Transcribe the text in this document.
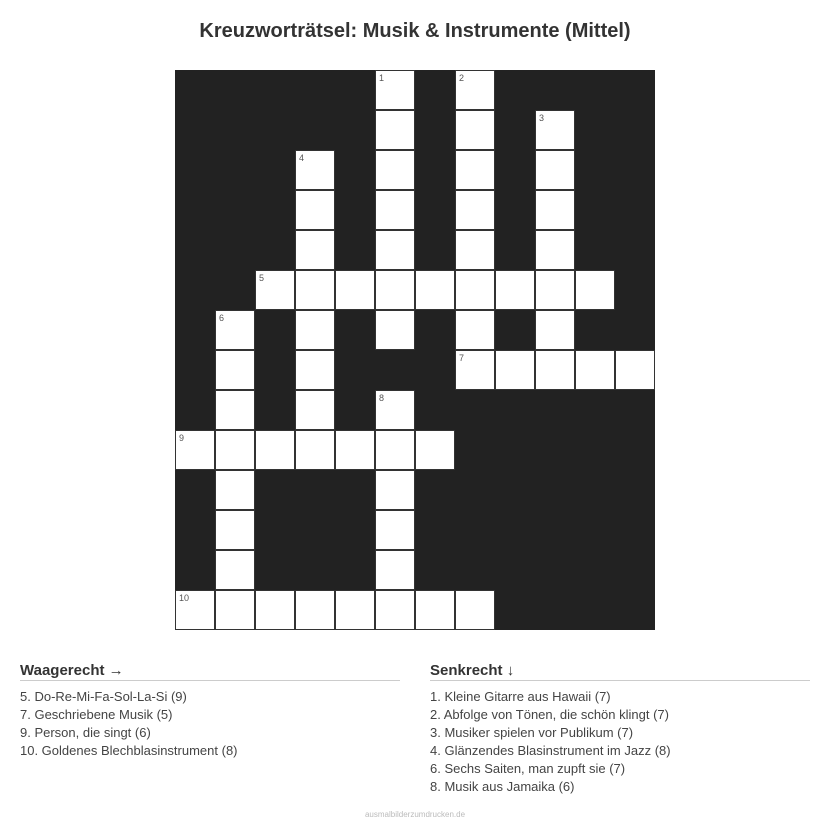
Kreuzworträtsel: Musik & Instrumente (Mittel)
1	2
3
4
5
6
7
8
9
10
Waagerecht →
5. Do-Re-Mi-Fa-Sol-La-Si (9)
7. Geschriebene Musik (5)
9. Person, die singt (6)
10. Goldenes Blechblasinstrument (8)
Senkrecht ↓
1. Kleine Gitarre aus Hawaii (7)
2. Abfolge von Tönen, die schön klingt (7)
3. Musiker spielen vor Publikum (7)
4. Glänzendes Blasinstrument im Jazz (8)
6. Sechs Saiten, man zupft sie (7)
8. Musik aus Jamaika (6)
ausmalbilderzumdrucken.de
